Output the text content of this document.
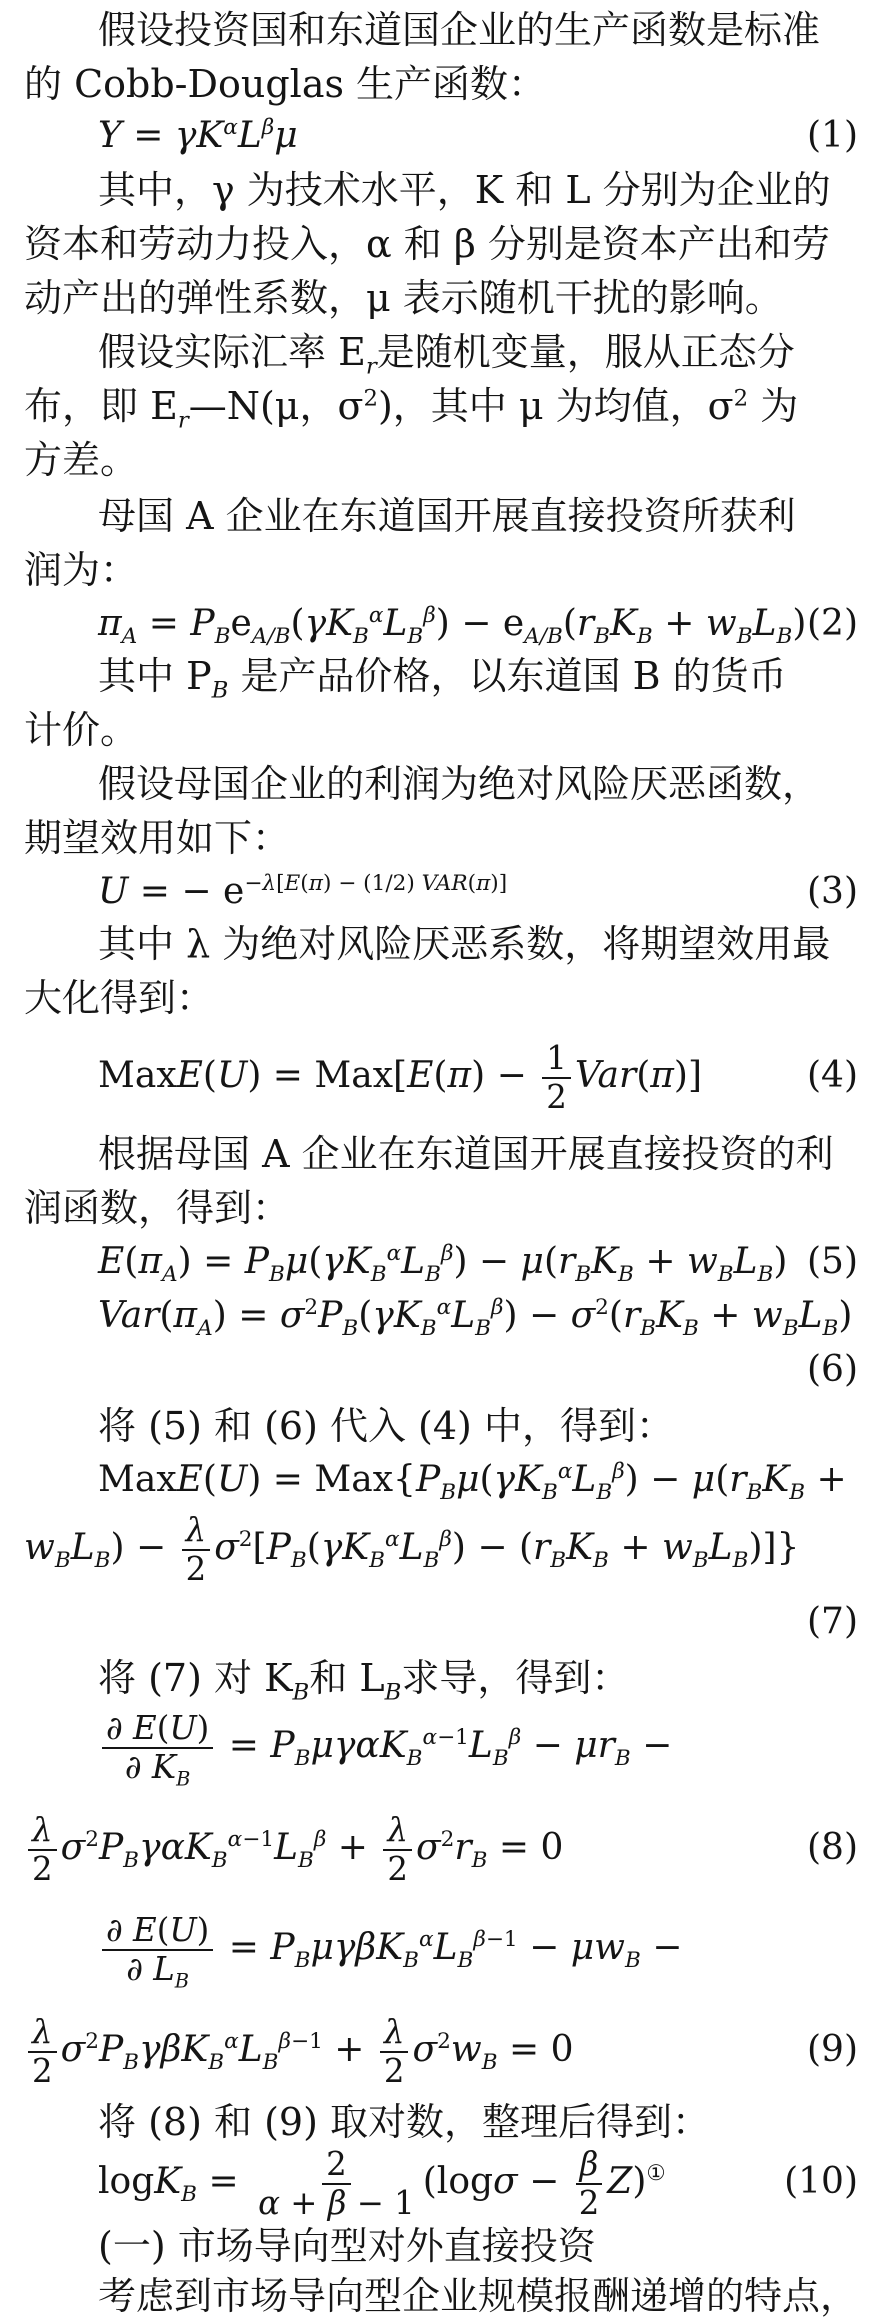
假设投资国和东道国企业的生产函数是标准
的 Cobb-Douglas 生产函数：
$Y = \gamma K^\alpha L^\beta\mu$	(1)
其中，γ 为技术水平，K 和 L 分别为企业的
资本和劳动力投入，α 和 β 分别是资本产出和劳
动产出的弹性系数，μ 表示随机干扰的影响。
假设实际汇率 $E_r$是随机变量，服从正态分
布，即 $E_r—N(\mu$，$\sigma^2$)，其中 μ 为均值，$\sigma^2$ 为
方差。
母国 A 企业在东道国开展直接投资所获利
润为：
$\pi_A = P_Be_{A/B}(\gamma K_B^\alpha L_B^\beta) - e_{A/B}(r_BK_B + w_BL_B)$ (2)
其中 $P_B$ 是产品价格，以东道国 B 的货币
计价。
假设母国企业的利润为绝对风险厌恶函数，
期望效用如下：
U = − $e^{-\lambda[E(\pi) - (1/2) VAR(\pi)]}$	(3)
其中 λ 为绝对风险厌恶系数，将期望效用最
大化得到：
MaxE(U) = $Max[E(\pi) - \frac{1}{2} Var(\pi)]$	(4)
根据母国 A 企业在东道国开展直接投资的利
润函数，得到：
$E(\pi_A) = P_B\mu(\gamma K_B^\alpha L_B^\beta) - \mu(r_BK_B + w_BL_B)$ (5)
$Var(\pi_A) = \sigma^2P_B(\gamma K_B^\alpha L_B^\beta) - \sigma^2(r_BK_B + w_BL_B)$
(6)
将 (5) 和 (6) 代入 (4) 中，得到：
MaxE(U) = $Max\{P_B\mu(\gamma K_B^\alpha L_B^\beta) - \mu(r_BK_B$ +
$w_BL_B) - \frac{\lambda}{2} \sigma^2[P_B(\gamma K_B^\alpha L_B^\beta) - (r_BK_B + w_BL_B)]$}
(7)
将 (7) 对 $K_B$和 $L_B$求导，得到：
$\frac{\partial E(U)}{\partial K_B} = P_B\mu\gamma\alpha K_B^{\alpha-1}L_B^\beta - \mu r_B$ −
$\frac{\lambda}{2} \sigma^2P_B\gamma\alpha K_B^{\alpha-1}L_B^\beta + \frac{\lambda}{2} \sigma^2r_B = 0$	(8)
$\frac{\partial E(U)}{\partial L_B} = P_B\mu\gamma\beta K_B^\alpha L_B^{\beta-1} - \mu w_B$ −
$\frac{\lambda}{2} \sigma^2P_B\gamma\beta K_B^\alpha L_B^{\beta-1} + \frac{\lambda}{2} \sigma^2w_B = 0$	(9)
将 (8) 和 (9) 取对数，整理后得到：
$\log K_B = \frac{2}{\alpha + \beta - 1} (\log\sigma - \frac{\beta}{2} Z)^①$	(10)
(一) 市场导向型对外直接投资
考虑到市场导向型企业规模报酬递增的特点，
